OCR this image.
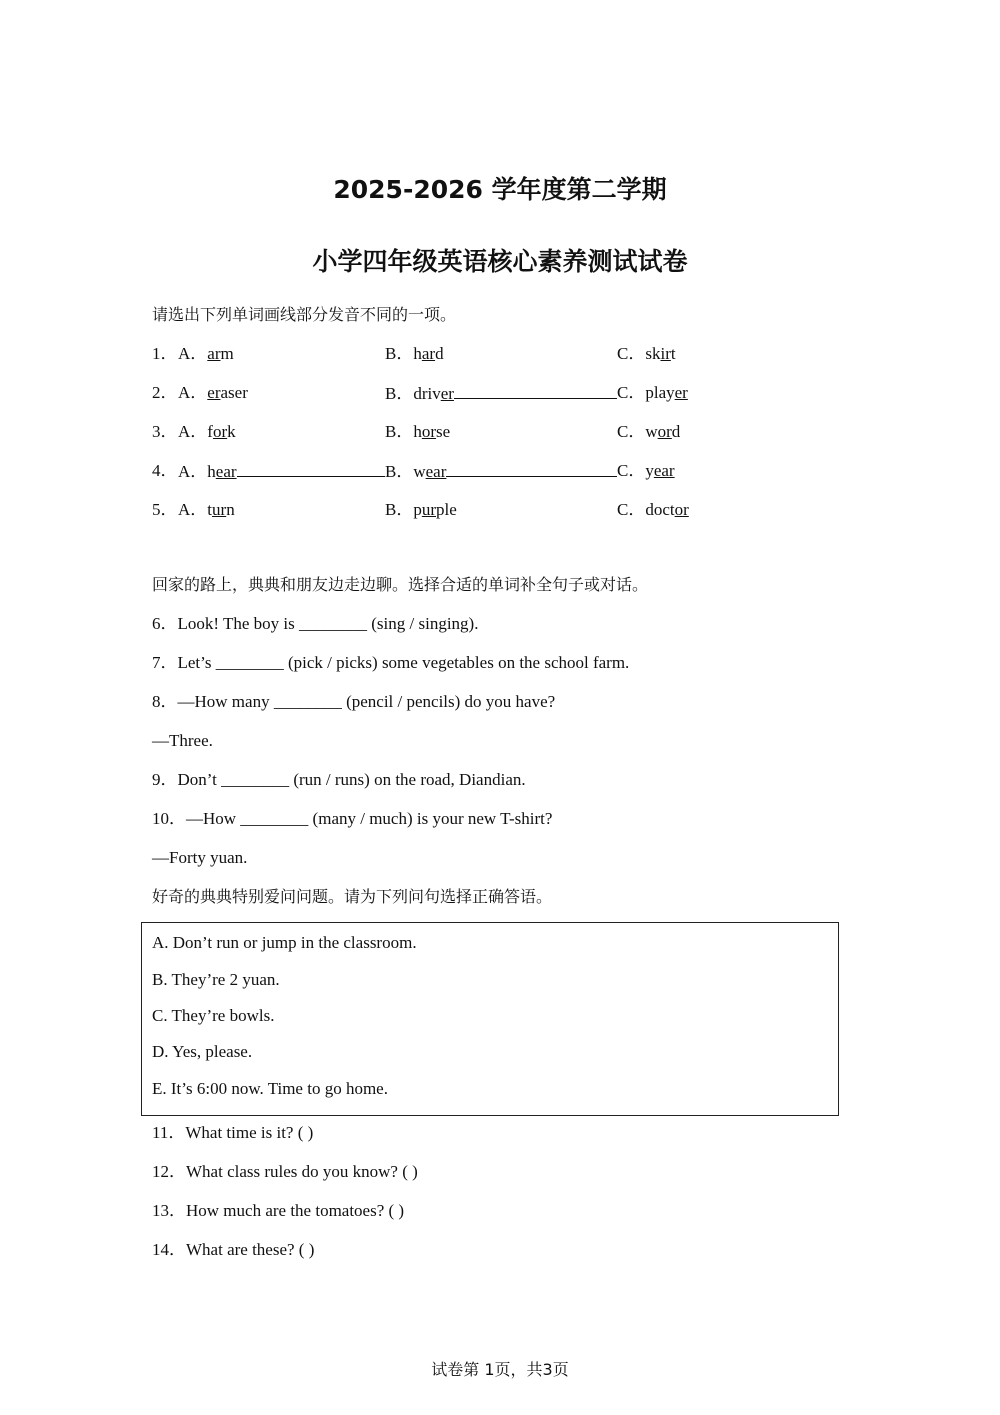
2025-2026 学年度第二学期
小学四年级英语核心素养测试试卷
请选出下列单词画线部分发音不同的一项。
1． A．arm	B．hard	C．skirt
2． A．eraser	B．driver	C．player
3． A．fork	B．horse	C．word
4． A．hear	B．wear	C．year
5． A．turn	B．purple	C．doctor
回家的路上，典典和朋友边走边聊。选择合适的单词补全句子或对话。
6．Look! The boy is ________ (sing / singing).
7．Let’s ________ (pick / picks) some vegetables on the school farm.
8．—How many ________ (pencil / pencils) do you have?
—Three.
9．Don’t ________ (run / runs) on the road, Diandian.
10．—How ________ (many / much) is your new T-shirt?
—Forty yuan.
好奇的典典特别爱问问题。请为下列问句选择正确答语。
A. Don’t run or jump in the classroom.
B. They’re 2 yuan.
C. They’re bowls.
D. Yes, please.
E. It’s 6:00 now. Time to go home.
11．What time is it? ( )
12．What class rules do you know? ( )
13．How much are the tomatoes? ( )
14．What are these? ( )
试卷第 1页，共3页
